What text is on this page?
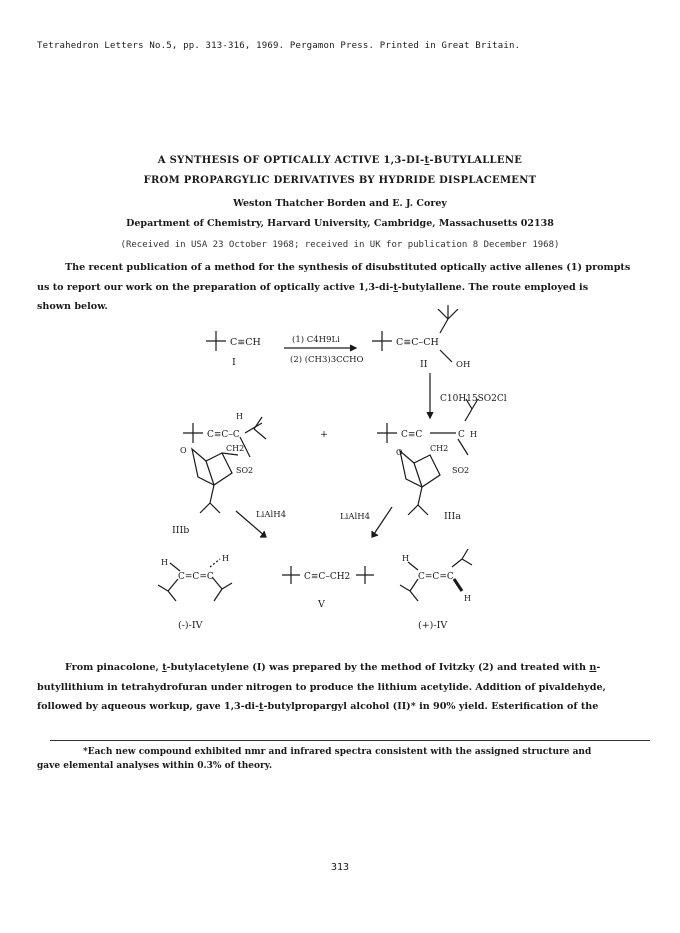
Tetrahedron Letters No.5, pp. 313-316, 1969. Pergamon Press. Printed in Great Britain.
A SYNTHESIS OF OPTICALLY ACTIVE 1,3-DI-t-BUTYLALLENE
FROM PROPARGYLIC DERIVATIVES BY HYDRIDE DISPLACEMENT
Weston Thatcher Borden and E. J. Corey
Department of Chemistry, Harvard University, Cambridge, Massachusetts 02138
(Received in USA 23 October 1968; received in UK for publication 8 December 1968)
The recent publication of a method for the synthesis of disubstituted optically active allenes (1) prompts
us to report our work on the preparation of optically active 1,3-di-t-butylallene. The route employed is
shown below.
C≡CH
I
(1) C4H9Li
(2) (CH3)3CCHO
C≡C–CH
OH
II
C10H15SO2Cl
C≡C–C
H
CH2
O
SO2
IIIb
+	C≡C	C H
CH2
O
SO2
IIIa
LiAlH4	LiAlH4
C=C=C
H	H
(-)-IV
C≡C–CH2
V
C=C=C
H
H
(+)-IV
From pinacolone, t-butylacetylene (I) was prepared by the method of Ivitzky (2) and treated with n-
butyllithium in tetrahydrofuran under nitrogen to produce the lithium acetylide. Addition of pivaldehyde,
followed by aqueous workup, gave 1,3-di-t-butylpropargyl alcohol (II)* in 90% yield. Esterification of the
*Each new compound exhibited nmr and infrared spectra consistent with the assigned structure and
gave elemental analyses within 0.3% of theory.
313
